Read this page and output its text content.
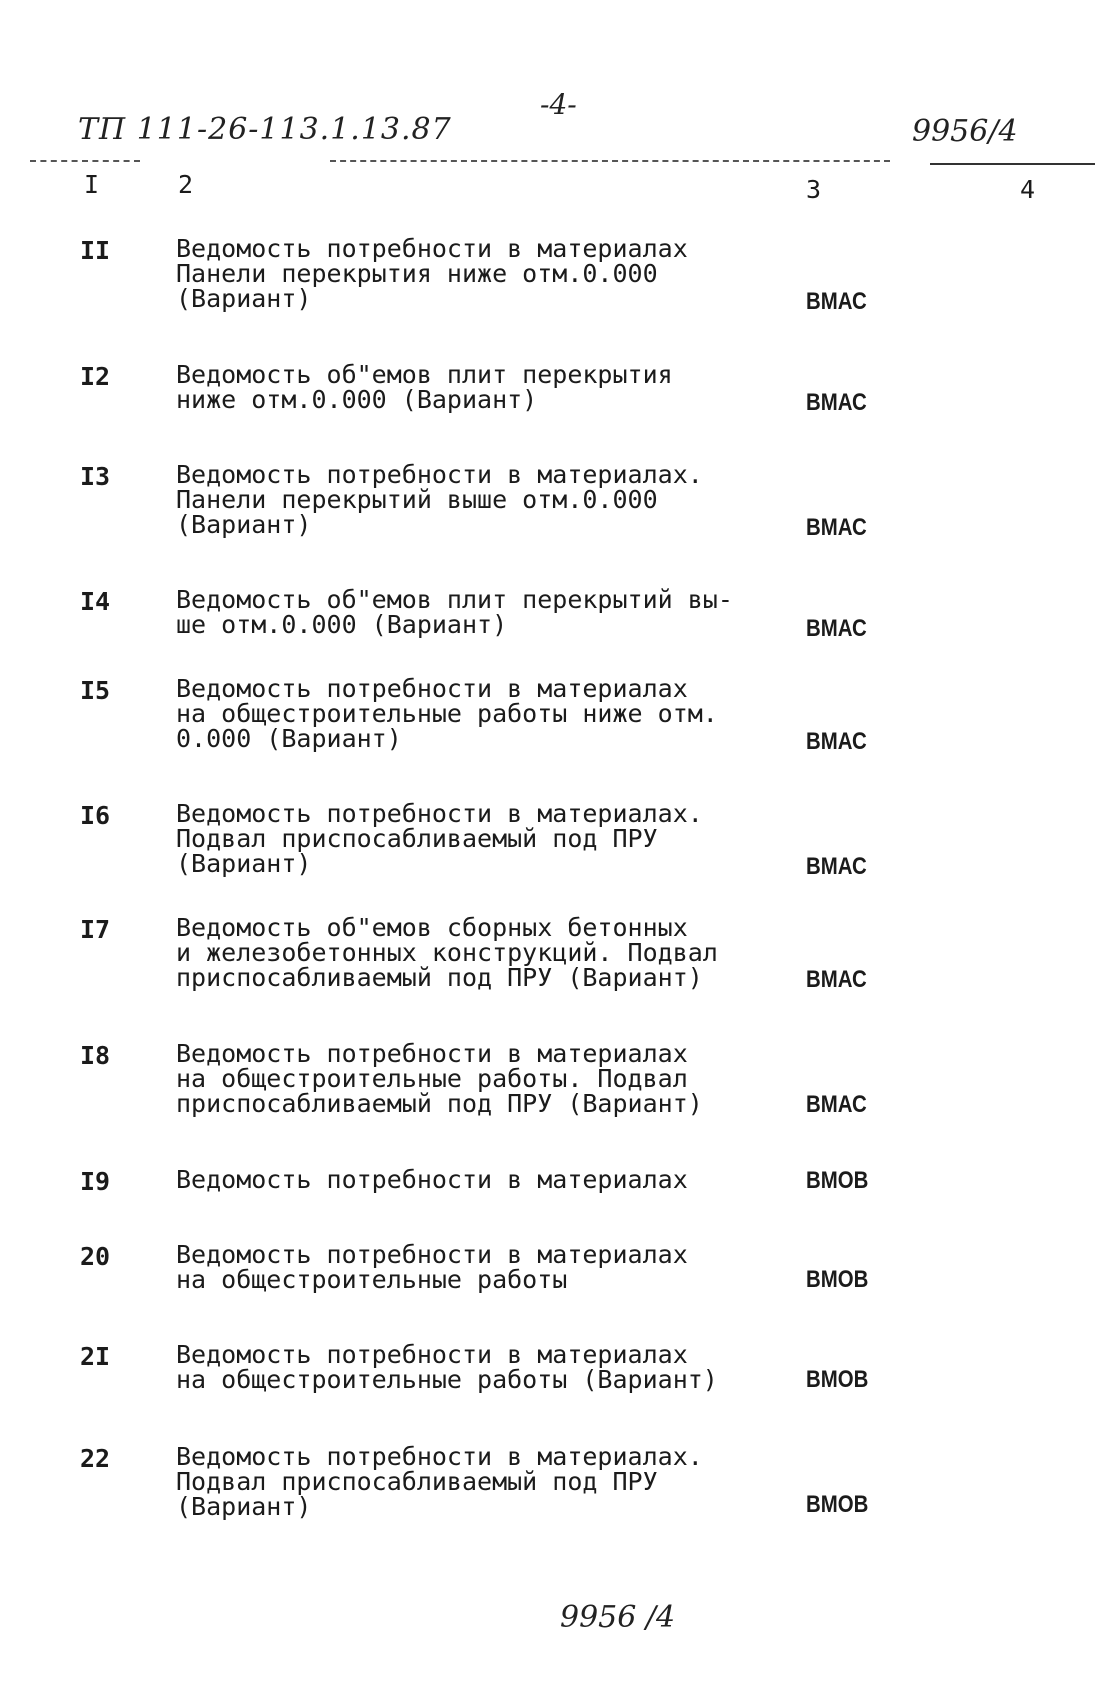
ТП 111-26-113.1.13.87
-4-
9956/4
I	2	3	4
II	Ведомость потребности в материалах
Панели перекрытия ниже отм.0.000
(Вариант)	ВМАС
I2	Ведомость об"емов плит перекрытия
ниже отм.0.000 (Вариант)	ВМАС
I3	Ведомость потребности в материалах.
Панели перекрытий выше отм.0.000
(Вариант)	ВМАС
I4	Ведомость об"емов плит перекрытий вы-
ше отм.0.000 (Вариант)	ВМАС
I5	Ведомость потребности в материалах
на общестроительные работы ниже отм.
0.000 (Вариант)	ВМАС
I6	Ведомость потребности в материалах.
Подвал приспосабливаемый под ПРУ
(Вариант)	ВМАС
I7	Ведомость об"емов сборных бетонных
и железобетонных конструкций. Подвал
приспосабливаемый под ПРУ (Вариант)	ВМАС
I8	Ведомость потребности в материалах
на общестроительные работы. Подвал
приспосабливаемый под ПРУ (Вариант)	ВМАС
I9	Ведомость потребности в материалах	ВМОВ
20	Ведомость потребности в материалах
на общестроительные работы	ВМОВ
2I	Ведомость потребности в материалах
на общестроительные работы (Вариант)	ВМОВ
22	Ведомость потребности в материалах.
Подвал приспосабливаемый под ПРУ
(Вариант)	ВМОВ
9956 /4
